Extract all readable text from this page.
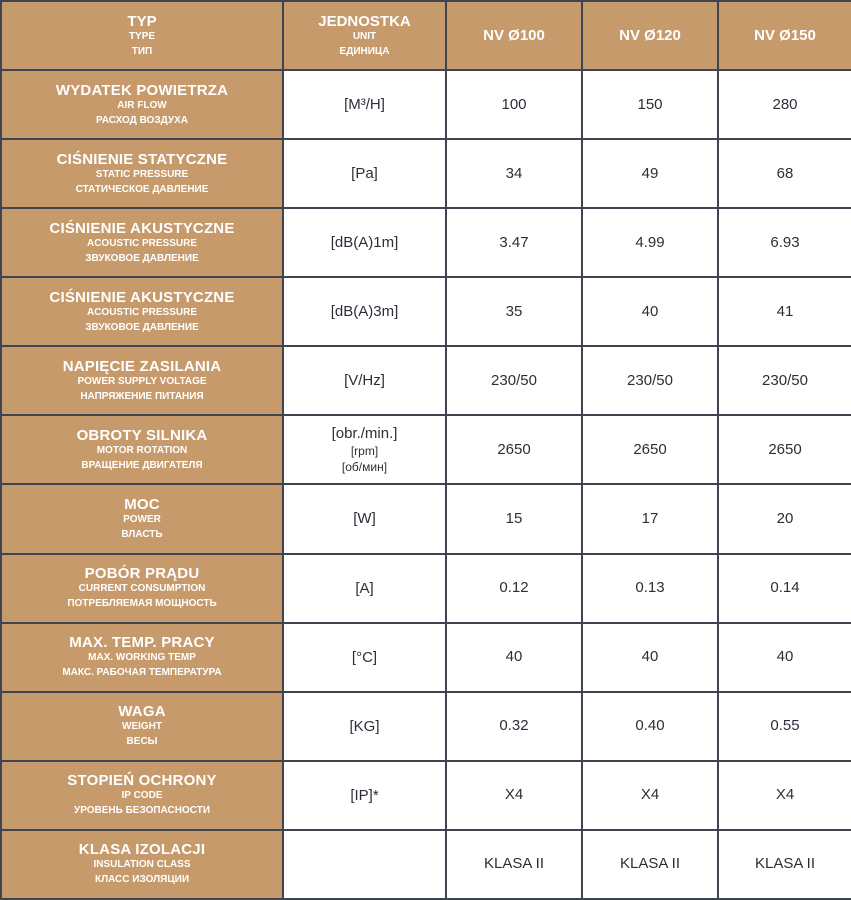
TYP
TYPE
ТИП	JEDNOSTKA
UNIT
ЕДИНИЦА	NV Ø100	NV Ø120	NV Ø150

WYDATEK POWIETRZA
AIR FLOW
РАСХОД ВОЗДУХА	[M³/H]	100	150	280

CIŚNIENIE STATYCZNE
STATIC PRESSURE
СТАТИЧЕСКОЕ ДАВЛЕНИЕ	[Pa]	34	49	68

CIŚNIENIE AKUSTYCZNE
ACOUSTIC PRESSURE
ЗВУКОВОЕ ДАВЛЕНИЕ	[dB(A)1m]	3.47	4.99	6.93

CIŚNIENIE AKUSTYCZNE
ACOUSTIC PRESSURE
ЗВУКОВОЕ ДАВЛЕНИЕ	[dB(A)3m]	35	40	41

NAPIĘCIE ZASILANIA
POWER SUPPLY VOLTAGE
НАПРЯЖЕНИЕ ПИТАНИЯ	[V/Hz]	230/50	230/50	230/50

OBROTY SILNIKA
MOTOR ROTATION
ВРАЩЕНИЕ ДВИГАТЕЛЯ	[obr./min.]
[rpm]
[об/мин]	2650	2650	2650

MOC
POWER
ВЛАСТЬ	[W]	15	17	20

POBÓR PRĄDU
CURRENT CONSUMPTION
ПОТРЕБЛЯЕМАЯ МОЩНОСТЬ	[A]	0.12	0.13	0.14

MAX. TEMP. PRACY
MAX. WORKING TEMP
МАКС. РАБОЧАЯ ТЕМПЕРАТУРА	[°C]	40	40	40

WAGA
WEIGHT
ВЕСЫ	[KG]	0.32	0.40	0.55

STOPIEŃ OCHRONY
IP CODE
УРОВЕНЬ БЕЗОПАСНОСТИ	[IP]*	X4	X4	X4

KLASA IZOLACJI
INSULATION CLASS
КЛАСС ИЗОЛЯЦИИ		KLASA II	KLASA II	KLASA II
